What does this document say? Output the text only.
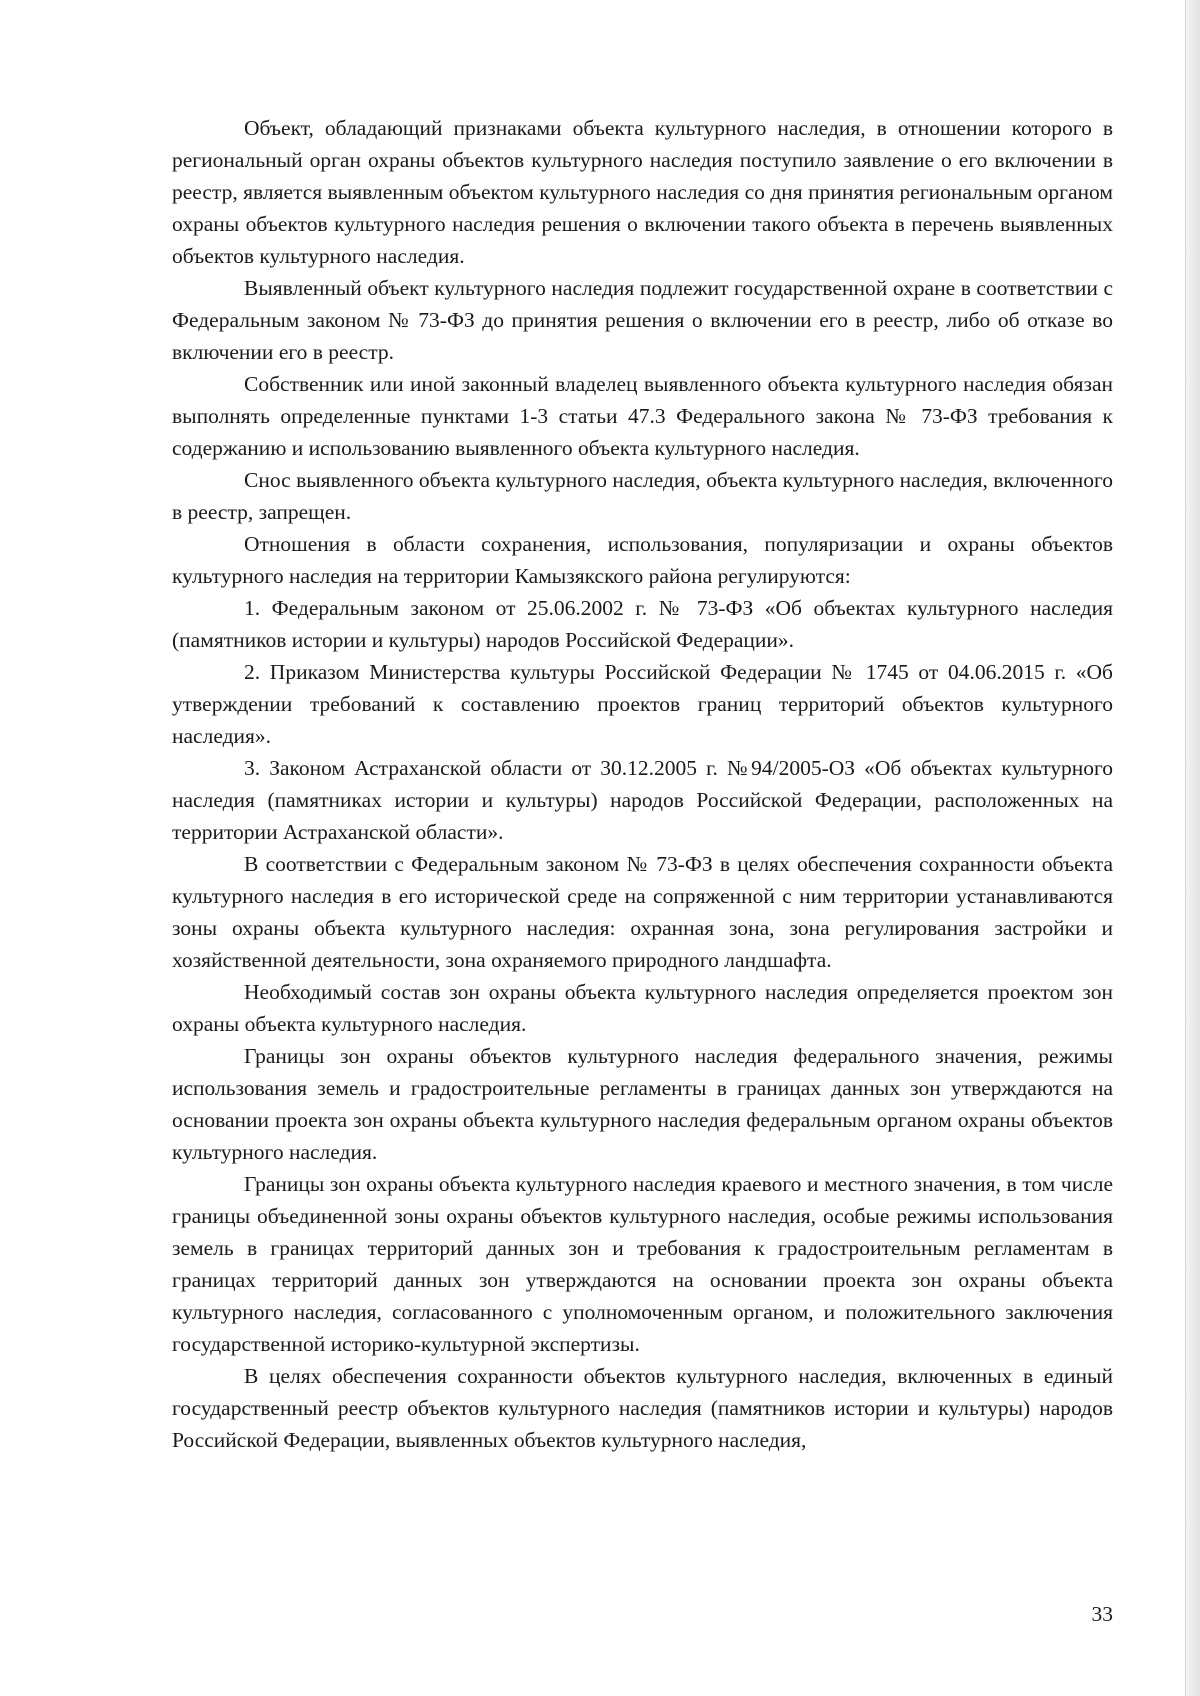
Объект, обладающий признаками объекта культурного наследия, в отношении которого в региональный орган охраны объектов культурного наследия поступило заявление о его включении в реестр, является выявленным объектом культурного наследия со дня принятия региональным органом охраны объектов культурного наследия решения о включении такого объекта в перечень выявленных объектов культурного наследия.

Выявленный объект культурного наследия подлежит государственной охране в соответствии с Федеральным законом № 73-ФЗ до принятия решения о включении его в реестр, либо об отказе во включении его в реестр.

Собственник или иной законный владелец выявленного объекта культурного наследия обязан выполнять определенные пунктами 1-3 статьи 47.3 Федерального закона № 73-ФЗ требования к содержанию и использованию выявленного объекта культурного наследия.

Снос выявленного объекта культурного наследия, объекта культурного наследия, включенного в реестр, запрещен.

Отношения в области сохранения, использования, популяризации и охраны объектов культурного наследия на территории Камызякского района регулируются:

1. Федеральным законом от 25.06.2002 г. № 73-ФЗ «Об объектах культурного наследия (памятников истории и культуры) народов Российской Федерации».

2. Приказом Министерства культуры Российской Федерации № 1745 от 04.06.2015 г. «Об утверждении требований к составлению проектов границ территорий объектов культурного наследия».

3. Законом Астраханской области от 30.12.2005 г. №94/2005-ОЗ «Об объектах культурного наследия (памятниках истории и культуры) народов Российской Федерации, расположенных на территории Астраханской области».

В соответствии с Федеральным законом № 73-ФЗ в целях обеспечения сохранности объекта культурного наследия в его исторической среде на сопряженной с ним территории устанавливаются зоны охраны объекта культурного наследия: охранная зона, зона регулирования застройки и хозяйственной деятельности, зона охраняемого природного ландшафта.

Необходимый состав зон охраны объекта культурного наследия определяется проектом зон охраны объекта культурного наследия.

Границы зон охраны объектов культурного наследия федерального значения, режимы использования земель и градостроительные регламенты в границах данных зон утверждаются на основании проекта зон охраны объекта культурного наследия федеральным органом охраны объектов культурного наследия.

Границы зон охраны объекта культурного наследия краевого и местного значения, в том числе границы объединенной зоны охраны объектов культурного наследия, особые режимы использования земель в границах территорий данных зон и требования к градостроительным регламентам в границах территорий данных зон утверждаются на основании проекта зон охраны объекта культурного наследия, согласованного с уполномоченным органом, и положительного заключения государственной историко-культурной экспертизы.

В целях обеспечения сохранности объектов культурного наследия, включенных в единый государственный реестр объектов культурного наследия (памятников истории и культуры) народов Российской Федерации, выявленных объектов культурного наследия,

33
